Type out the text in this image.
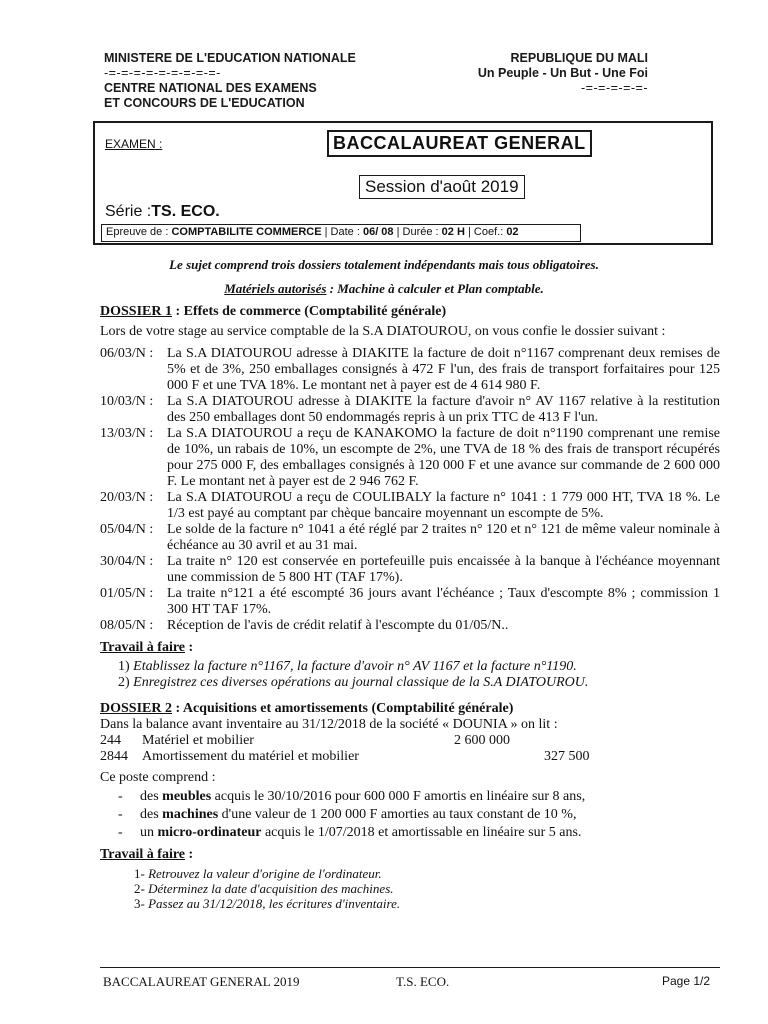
MINISTERE DE L'EDUCATION NATIONALE
-=-=-=-=-=-=-=-=-=-
CENTRE NATIONAL DES EXAMENS
ET CONCOURS DE L'EDUCATION
REPUBLIQUE DU MALI
Un Peuple - Un But - Une Foi
-=-=-=-=-=-
EXAMEN :	BACCALAUREAT GENERAL
Session d'août 2019
Série :TS. ECO.
Epreuve de : COMPTABILITE COMMERCE | Date : 06/ 08 | Durée : 02 H | Coef.: 02
Le sujet comprend trois dossiers totalement indépendants mais tous obligatoires.
Matériels autorisés : Machine à calculer et Plan comptable.
DOSSIER 1 : Effets de commerce (Comptabilité générale)
Lors de votre stage au service comptable de la S.A DIATOUROU, on vous confie le dossier suivant :
06/03/N : La S.A DIATOUROU adresse à DIAKITE la facture de doit n°1167 comprenant deux remises de 5% et de 3%, 250 emballages consignés à 472 F l'un, des frais de transport forfaitaires pour 125 000 F et une TVA 18%. Le montant net à payer est de 4 614 980 F.
10/03/N : La S.A DIATOUROU adresse à DIAKITE la facture d'avoir n° AV 1167 relative à la restitution des 250 emballages dont 50 endommagés repris à un prix TTC de 413 F l'un.
13/03/N : La S.A DIATOUROU a reçu de KANAKOMO la facture de doit n°1190 comprenant une remise de 10%, un rabais de 10%, un escompte de 2%, une TVA de 18 % des frais de transport récupérés pour 275 000 F, des emballages consignés à 120 000 F et une avance sur commande de 2 600 000 F. Le montant net à payer est de 2 946 762 F.
20/03/N : La S.A DIATOUROU a reçu de COULIBALY la facture n° 1041 : 1 779 000 HT, TVA 18 %. Le 1/3 est payé au comptant par chèque bancaire moyennant un escompte de 5%.
05/04/N : Le solde de la facture n° 1041 a été réglé par 2 traites n° 120 et n° 121 de même valeur nominale à échéance au 30 avril et au 31 mai.
30/04/N : La traite n° 120 est conservée en portefeuille puis encaissée à la banque à l'échéance moyennant une commission de 5 800 HT (TAF 17%).
01/05/N : La traite n°121 a été escompté 36 jours avant l'échéance ; Taux d'escompte 8% ; commission 1 300 HT TAF 17%.
08/05/N : Réception de l'avis de crédit relatif à l'escompte du 01/05/N..
Travail à faire :
1) Etablissez la facture n°1167, la facture d'avoir n° AV 1167 et la facture n°1190.
2) Enregistrez ces diverses opérations au journal classique de la S.A DIATOUROU.
DOSSIER 2 : Acquisitions et amortissements (Comptabilité générale)
Dans la balance avant inventaire au 31/12/2018 de la société « DOUNIA » on lit :
244	Matériel et mobilier	2 600 000
2844	Amortissement du matériel et mobilier	327 500
Ce poste comprend :
- des meubles acquis le 30/10/2016 pour 600 000 F amortis en linéaire sur 8 ans,
- des machines d'une valeur de 1 200 000 F amorties au taux constant de 10 %,
- un micro-ordinateur acquis le 1/07/2018 et amortissable en linéaire sur 5 ans.
Travail à faire :
1- Retrouvez la valeur d'origine de l'ordinateur.
2- Déterminez la date d'acquisition des machines.
3- Passez au 31/12/2018, les écritures d'inventaire.
BACCALAUREAT GENERAL 2019	T.S. ECO.	Page 1/2
